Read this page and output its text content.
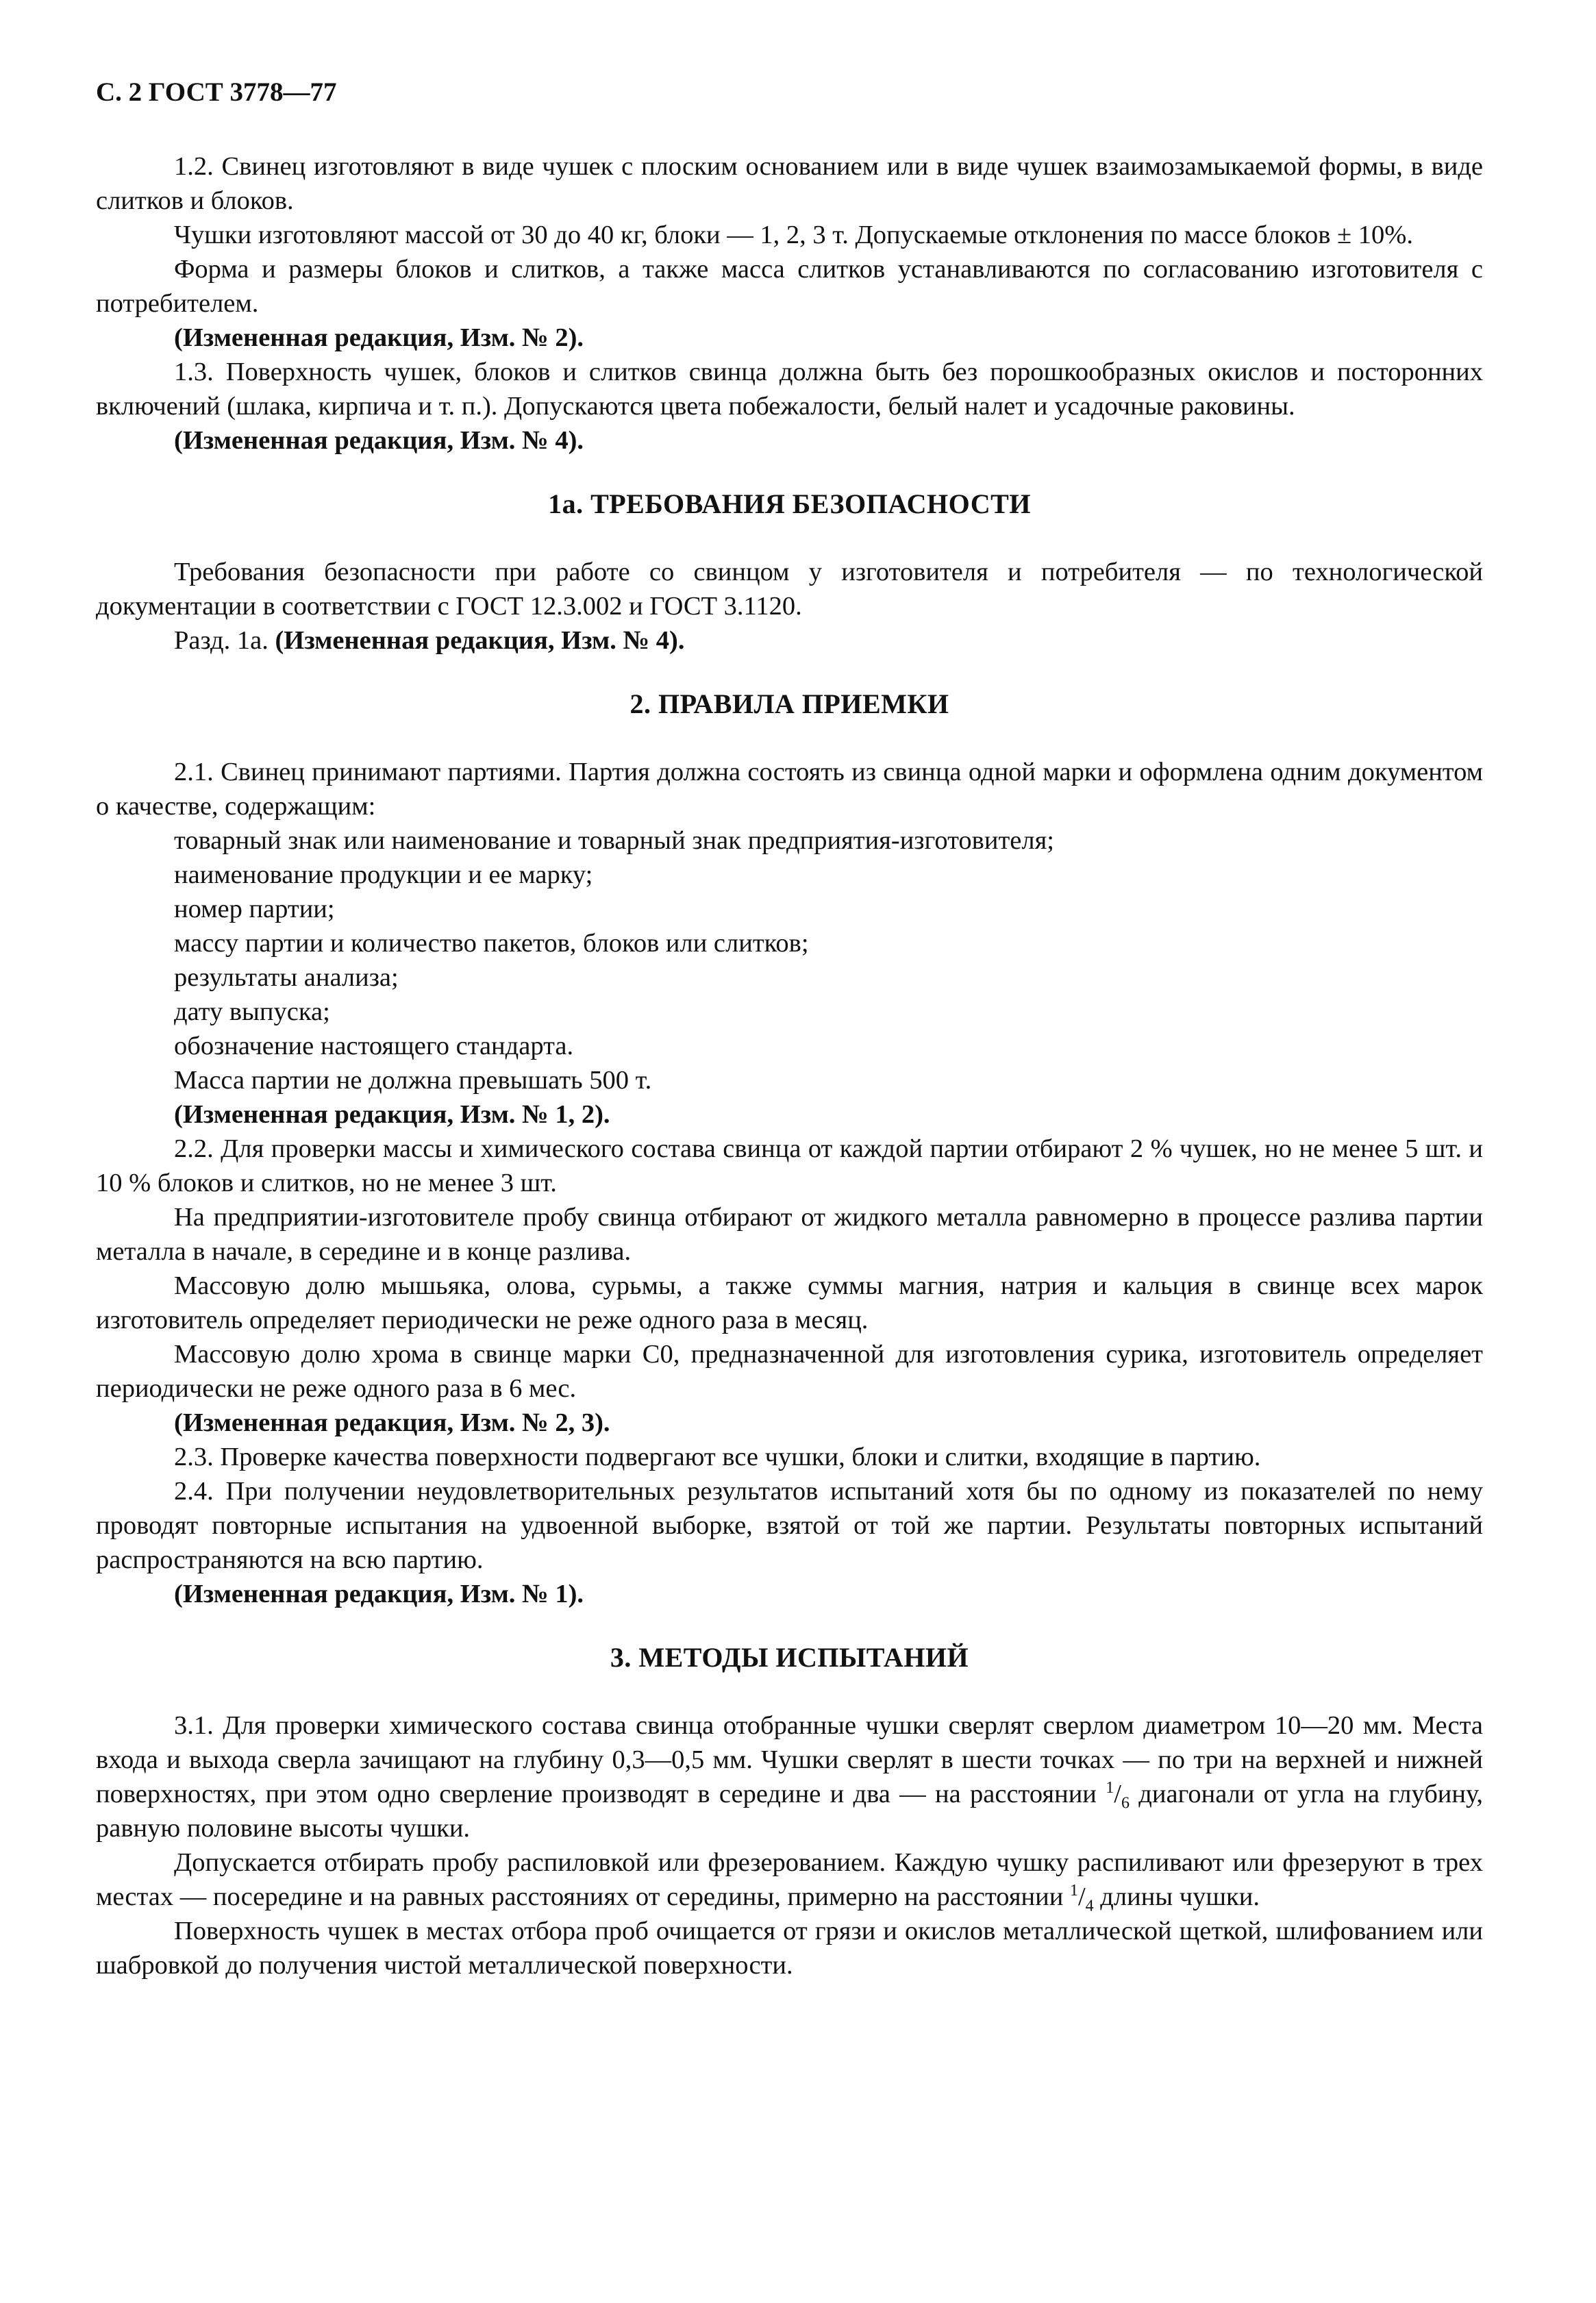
С. 2 ГОСТ 3778—77

1.2. Свинец изготовляют в виде чушек с плоским основанием или в виде чушек взаимозамыкаемой формы, в виде слитков и блоков.

Чушки изготовляют массой от 30 до 40 кг, блоки — 1, 2, 3 т. Допускаемые отклонения по массе блоков ± 10%.

Форма и размеры блоков и слитков, а также масса слитков устанавливаются по согласованию изготовителя с потребителем.

(Измененная редакция, Изм. № 2).

1.3. Поверхность чушек, блоков и слитков свинца должна быть без порошкообразных окислов и посторонних включений (шлака, кирпича и т. п.). Допускаются цвета побежалости, белый налет и усадочные раковины.

(Измененная редакция, Изм. № 4).

1а. ТРЕБОВАНИЯ БЕЗОПАСНОСТИ

Требования безопасности при работе со свинцом у изготовителя и потребителя — по технологической документации в соответствии с ГОСТ 12.3.002 и ГОСТ 3.1120.

Разд. 1а. (Измененная редакция, Изм. № 4).

2. ПРАВИЛА ПРИЕМКИ

2.1. Свинец принимают партиями. Партия должна состоять из свинца одной марки и оформлена одним документом о качестве, содержащим:

товарный знак или наименование и товарный знак предприятия-изготовителя;

наименование продукции и ее марку;

номер партии;

массу партии и количество пакетов, блоков или слитков;

результаты анализа;

дату выпуска;

обозначение настоящего стандарта.

Масса партии не должна превышать 500 т.

(Измененная редакция, Изм. № 1, 2).

2.2. Для проверки массы и химического состава свинца от каждой партии отбирают 2 % чушек, но не менее 5 шт. и 10 % блоков и слитков, но не менее 3 шт.

На предприятии-изготовителе пробу свинца отбирают от жидкого металла равномерно в процессе разлива партии металла в начале, в середине и в конце разлива.

Массовую долю мышьяка, олова, сурьмы, а также суммы магния, натрия и кальция в свинце всех марок изготовитель определяет периодически не реже одного раза в месяц.

Массовую долю хрома в свинце марки С0, предназначенной для изготовления сурика, изготовитель определяет периодически не реже одного раза в 6 мес.

(Измененная редакция, Изм. № 2, 3).

2.3. Проверке качества поверхности подвергают все чушки, блоки и слитки, входящие в партию.

2.4. При получении неудовлетворительных результатов испытаний хотя бы по одному из показателей по нему проводят повторные испытания на удвоенной выборке, взятой от той же партии. Результаты повторных испытаний распространяются на всю партию.

(Измененная редакция, Изм. № 1).

3. МЕТОДЫ ИСПЫТАНИЙ

3.1. Для проверки химического состава свинца отобранные чушки сверлят сверлом диаметром 10—20 мм. Места входа и выхода сверла зачищают на глубину 0,3—0,5 мм. Чушки сверлят в шести точках — по три на верхней и нижней поверхностях, при этом одно сверление производят в середине и два — на расстоянии $^1/_6$ диагонали от угла на глубину, равную половине высоты чушки.

Допускается отбирать пробу распиловкой или фрезерованием. Каждую чушку распиливают или фрезеруют в трех местах — посередине и на равных расстояниях от середины, примерно на расстоянии $^1/_4$ длины чушки.

Поверхность чушек в местах отбора проб очищается от грязи и окислов металлической щеткой, шлифованием или шабровкой до получения чистой металлической поверхности.
